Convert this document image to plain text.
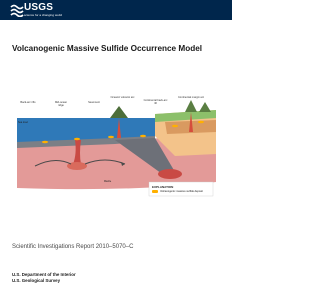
USGS
science for a changing world
Volcanogenic Massive Sulfide Occurrence Model
Back-arc rifts	Mid-ocean ridge
Seamount
Oceanic volcanic arc
Continental back-arc rift
Continental margin arc
Sea level
Mantle
EXPLANATION
Volcanogenic massive sulfide deposit
Scientific Investigations Report 2010–5070–C
U.S. Department of the Interior
U.S. Geological Survey
